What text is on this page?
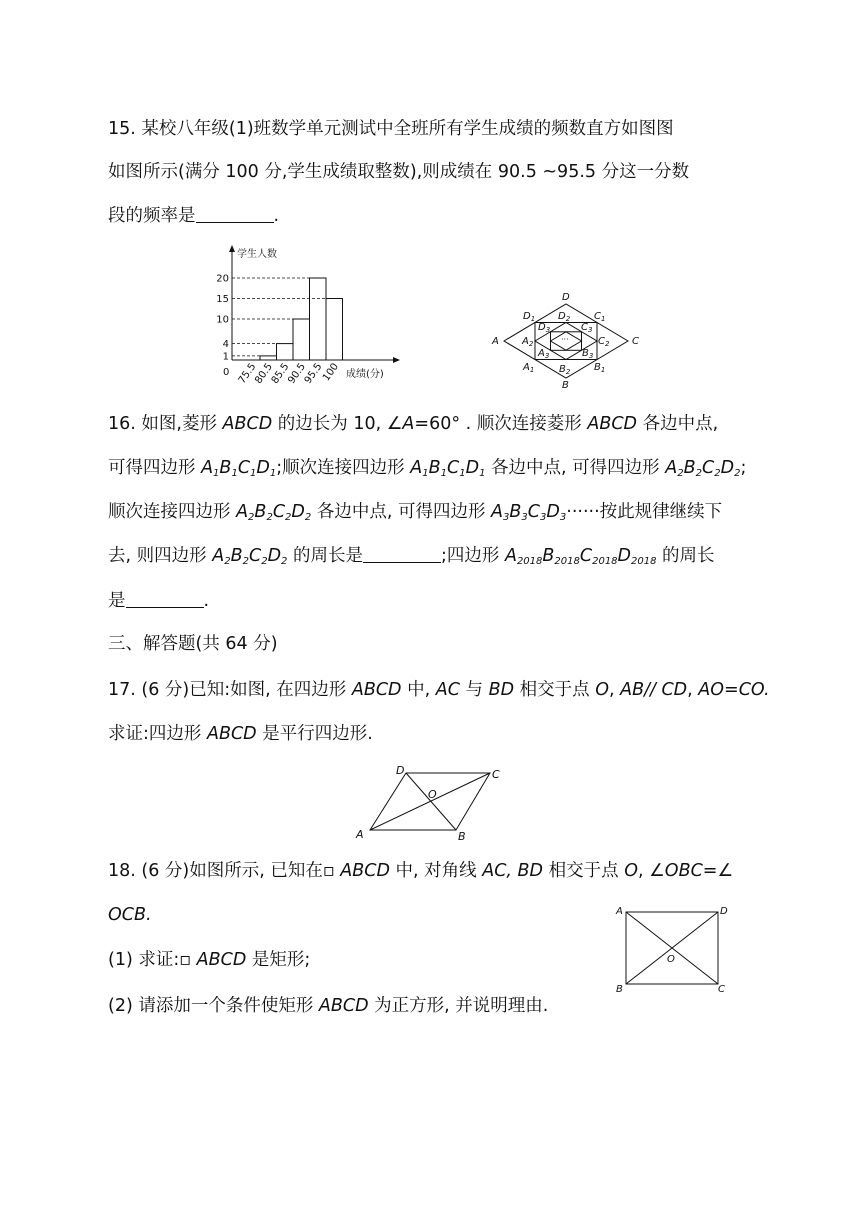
15. 某校八年级(1)班数学单元测试中全班所有学生成绩的频数直方如图图
如图所示(满分 100 分,学生成绩取整数),则成绩在 90.5 ~95.5 分这一分数
段的频率是	.
学生人数
成绩(分)
0
1
4
10
15
20
75.5
80.5
85.5
90.5
95.5
100
···
A
D
C
B
$D_1$	$C_1$
$A_1$	$B_1$
$D_2$
$C_2$
$A_2$
$B_2$
$D_3$	$C_3$
$A_3$	$B_3$
16. 如图,菱形 ABCD 的边长为 10, ∠A=60° . 顺次连接菱形 ABCD 各边中点,
可得四边形 $A_1B_1C_1D_1$;顺次连接四边形 $A_1B_1C_1D_1$ 各边中点, 可得四边形 $A_2B_2C_2D_2$;
顺次连接四边形 $A_2B_2C_2D_2$ 各边中点, 可得四边形 $A_3B_3C_3D_3\cdot\cdot\cdot\cdot\cdot\cdot$按此规律继续下
去, 则四边形 $A_2B_2C_2D_2$ 的周长是	;四边形 $A_{2018}B_{2018}C_{2018}D_{2018}$ 的周长
是	.
三、解答题(共 64 分)
17. (6 分)已知:如图, 在四边形 ABCD 中, AC 与 BD 相交于点 O, AB// CD, AO=CO.
求证:四边形 ABCD 是平行四边形.
A	B
C
D
O
18. (6 分)如图所示, 已知在▫ ABCD 中, 对角线 AC, BD 相交于点 O, ∠OBC=∠
OCB.
(1) 求证:▫ ABCD 是矩形;
(2) 请添加一个条件使矩形 ABCD 为正方形, 并说明理由.
A	D
B	C
O
